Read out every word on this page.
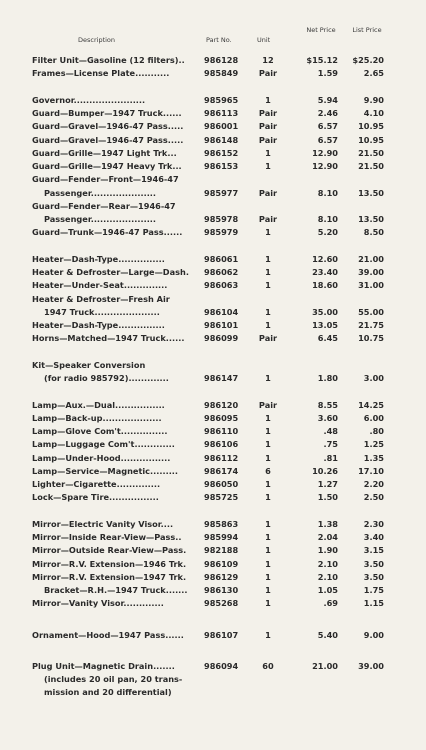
Description	Part No.	Unit
Net Price	List Price
Filter Unit—Gasoline (12 filters)..	986128	12	$15.12	$25.20
Frames—License Plate...........	985849	Pair	1.59	2.65
Governor.......................	985965	1	5.94	9.90
Guard—Bumper—1947 Truck......	986113	Pair	2.46	4.10
Guard—Gravel—1946-47 Pass.....	986001	Pair	6.57	10.95
Guard—Gravel—1946-47 Pass.....	986148	Pair	6.57	10.95
Guard—Grille—1947 Light Trk...	986152	1	12.90	21.50
Guard—Grille—1947 Heavy Trk...	986153	1	12.90	21.50
Guard—Fender—Front—1946-47
Passenger.....................	985977	Pair	8.10	13.50
Guard—Fender—Rear—1946-47
Passenger.....................	985978	Pair	8.10	13.50
Guard—Trunk—1946-47 Pass......	985979	1	5.20	8.50
Heater—Dash-Type...............	986061	1	12.60	21.00
Heater & Defroster—Large—Dash.	986062	1	23.40	39.00
Heater—Under-Seat..............	986063	1	18.60	31.00
Heater & Defroster—Fresh Air
1947 Truck.....................	986104	1	35.00	55.00
Heater—Dash-Type...............	986101	1	13.05	21.75
Horns—Matched—1947 Truck......	986099	Pair	6.45	10.75
Kit—Speaker Conversion
(for radio 985792).............	986147	1	1.80	3.00
Lamp—Aux.—Dual................	986120	Pair	8.55	14.25
Lamp—Back-up...................	986095	1	3.60	6.00
Lamp—Glove Com't...............	986110	1	.48	.80
Lamp—Luggage Com't.............	986106	1	.75	1.25
Lamp—Under-Hood................	986112	1	.81	1.35
Lamp—Service—Magnetic.........	986174	6	10.26	17.10
Lighter—Cigarette..............	986050	1	1.27	2.20
Lock—Spare Tire................	985725	1	1.50	2.50
Mirror—Electric Vanity Visor....	985863	1	1.38	2.30
Mirror—Inside Rear-View—Pass..	985994	1	2.04	3.40
Mirror—Outside Rear-View—Pass.	982188	1	1.90	3.15
Mirror—R.V. Extension—1946 Trk.	986109	1	2.10	3.50
Mirror—R.V. Extension—1947 Trk.	986129	1	2.10	3.50
Bracket—R.H.—1947 Truck.......	986130	1	1.05	1.75
Mirror—Vanity Visor.............	985268	1	.69	1.15
Ornament—Hood—1947 Pass......	986107	1	5.40	9.00
Plug Unit—Magnetic Drain.......	986094	60	21.00	39.00
(includes 20 oil pan, 20 trans-
mission and 20 differential)
